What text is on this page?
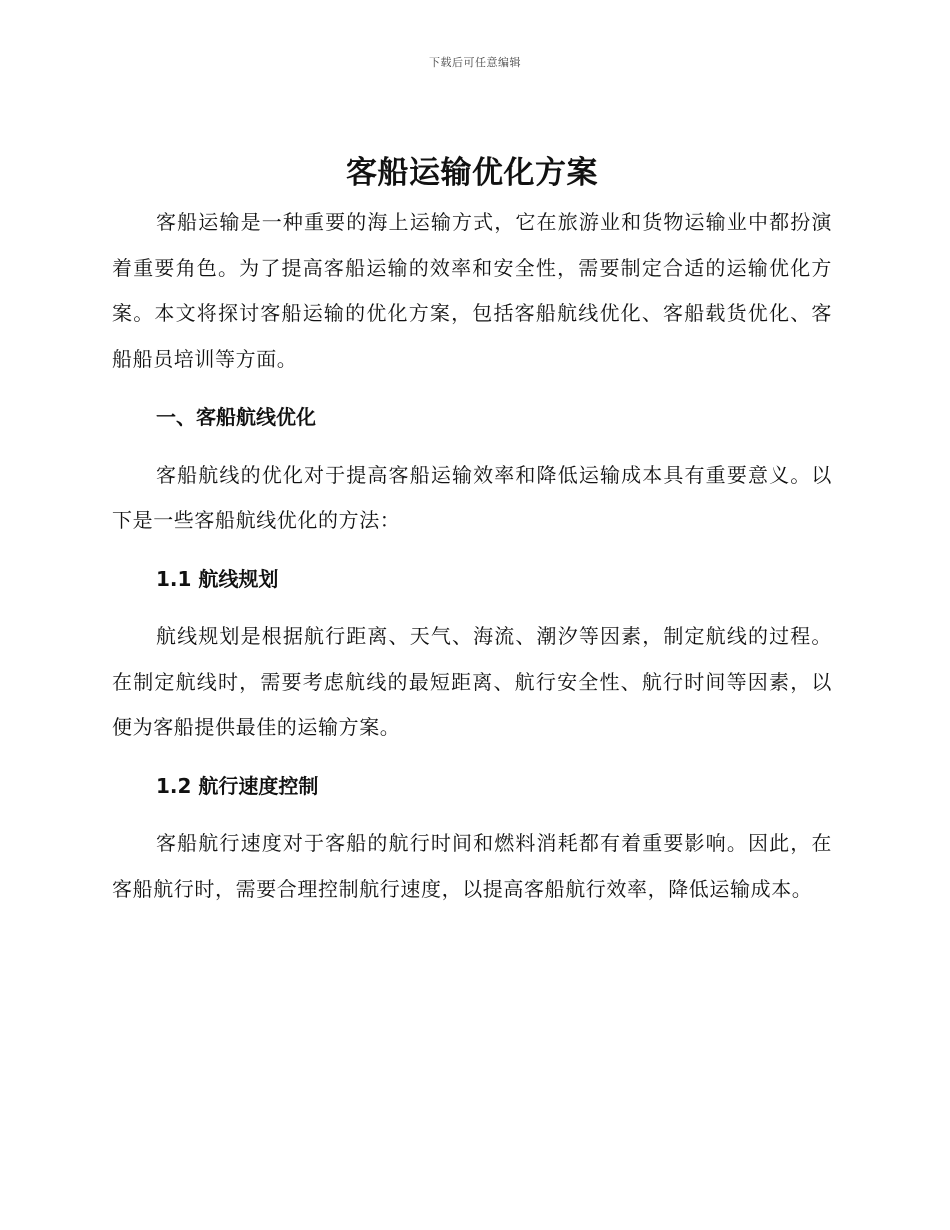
下载后可任意编辑
客船运输优化方案

客船运输是一种重要的海上运输方式，它在旅游业和货物运输业中都扮演着重要角色。为了提高客船运输的效率和安全性，需要制定合适的运输优化方案。本文将探讨客船运输的优化方案，包括客船航线优化、客船载货优化、客船船员培训等方面。

一、客船航线优化

客船航线的优化对于提高客船运输效率和降低运输成本具有重要意义。以下是一些客船航线优化的方法：

1.1 航线规划

航线规划是根据航行距离、天气、海流、潮汐等因素，制定航线的过程。在制定航线时，需要考虑航线的最短距离、航行安全性、航行时间等因素，以便为客船提供最佳的运输方案。

1.2 航行速度控制

客船航行速度对于客船的航行时间和燃料消耗都有着重要影响。因此，在客船航行时，需要合理控制航行速度，以提高客船航行效率，降低运输成本。
